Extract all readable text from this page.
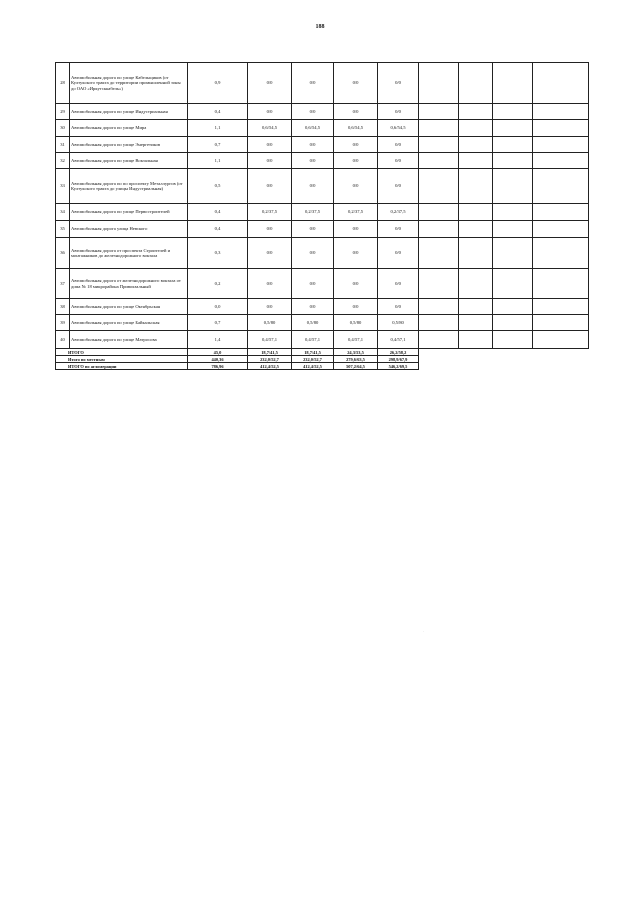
188
28	Автомобильная дорога по улице Кабельщиков (от Култукского тракта до территории промышленной зоны до ОАО «Иркутсккабель»)	0,9	0/0	0/0	0/0	0/0				
29	Автомобильная дорога по улице Индустриальная	0,4	0/0	0/0	0/0	0/0				
30	Автомобильная дорога по улице Мира	1,1	0,6/54,5	0,6/54,5	0,6/54,5	0,6/54,5				
31	Автомобильная дорога по улице Энергетиков	0,7	0/0	0/0	0/0	0/0				
32	Автомобильная дорога по улице Вокзальная	1,1	0/0	0/0	0/0	0/0				
33	Автомобильная дорога по по проспекту Металлургов (от Култукского тракта до улицы Индустриальная)	0,5	0/0	0/0	0/0	0/0				
34	Автомобильная дорога по улице Первостроителей	0,4	0,2/37,5	0,2/37,5	0,2/37,5	0,2/37,5				
35	Автомобильная дорога улица Невского	0,4	0/0	0/0	0/0	0/0				
36	Автомобильная дорога от проспекта Строителей и монтажников до железнодорожного вокзала	0,3	0/0	0/0	0/0	0/0				
37	Автомобильная дорога от железнодорожного вокзала от дома № 18 микрорайона Привокзальный	0,2	0/0	0/0	0/0	0/0				
38	Автомобильная дорога по улице Октябрьская	0,0	0/0	0/0	0/0	0/0				
39	Автомобильная дорога по улице Байкальская	0,7	0,5/80	0,5/80	0,5/80	0,5/80				
40	Автомобильная дорога по улице Матросова	1,4	0,4/57,1	0,4/57,1	0,4/57,1	0,4/57,1				
ИТОГО		45,0	18,7/41,5	18,7/41,5	24,3/53,5	26,2/58,2				
Итого по местным		440,36	232,0/52,7	232,0/52,7	279,6/63,5	298,9/67,9				
ИТОГО по агломерации		786,96	412,4/52,5	412,4/52,5	507,2/64,5	546,2/69,5				
·
